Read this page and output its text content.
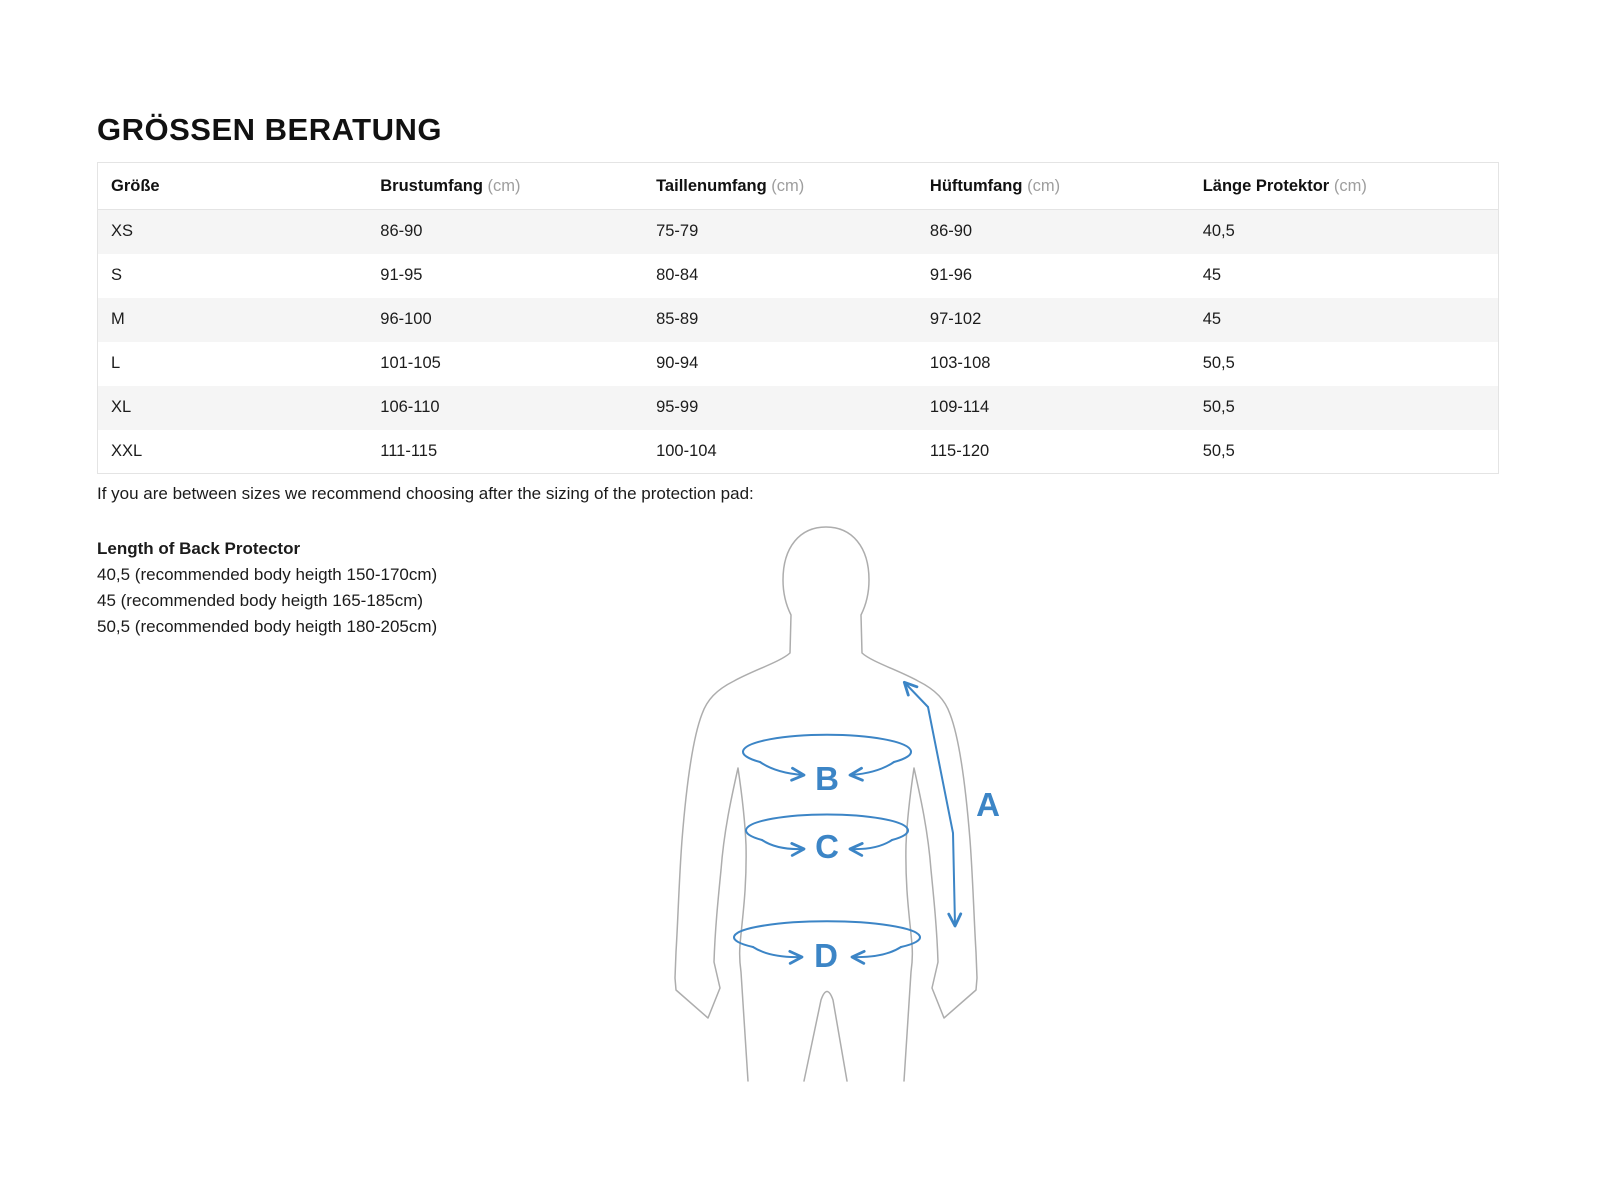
GRÖSSEN BERATUNG
Größe	Brustumfang (cm)	Taillenumfang (cm)	Hüftumfang (cm)	Länge Protektor (cm)
XS	86-90	75-79	86-90	40,5
S	91-95	80-84	91-96	45
M	96-100	85-89	97-102	45
L	101-105	90-94	103-108	50,5
XL	106-110	95-99	109-114	50,5
XXL	111-115	100-104	115-120	50,5

If you are between sizes we recommend choosing after the sizing of the protection pad:

Length of Back Protector
40,5 (recommended body heigth 150-170cm)
45 (recommended body heigth 165-185cm)
50,5 (recommended body heigth 180-205cm)
A
B
C
D
